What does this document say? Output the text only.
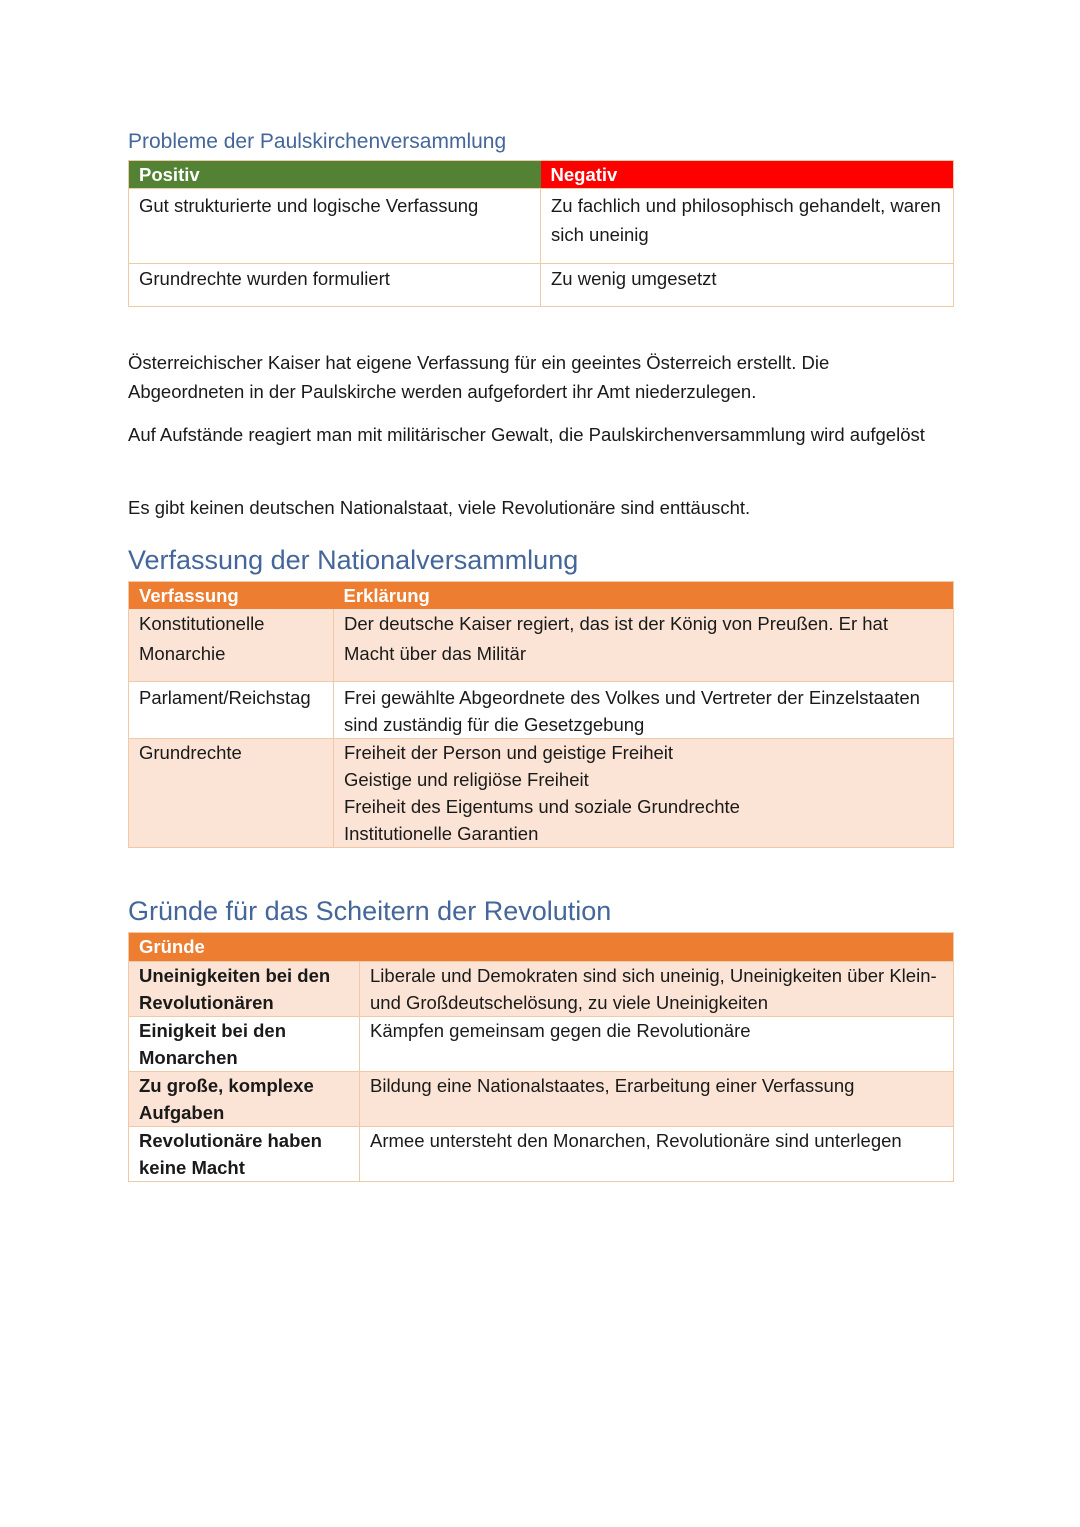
Probleme der Paulskirchenversammlung
Positiv	Negativ
Gut strukturierte und logische Verfassung	Zu fachlich und philosophisch gehandelt, waren sich uneinig
Grundrechte wurden formuliert	Zu wenig umgesetzt

Österreichischer Kaiser hat eigene Verfassung für ein geeintes Österreich erstellt. Die Abgeordneten in der Paulskirche werden aufgefordert ihr Amt niederzulegen.

Auf Aufstände reagiert man mit militärischer Gewalt, die Paulskirchenversammlung wird aufgelöst

Es gibt keinen deutschen Nationalstaat, viele Revolutionäre sind enttäuscht.

Verfassung der Nationalversammlung
Verfassung	Erklärung
Konstitutionelle Monarchie	Der deutsche Kaiser regiert, das ist der König von Preußen. Er hat Macht über das Militär
Parlament/Reichstag	Frei gewählte Abgeordnete des Volkes und Vertreter der Einzelstaaten sind zuständig für die Gesetzgebung
Grundrechte	Freiheit der Person und geistige Freiheit
Geistige und religiöse Freiheit
Freiheit des Eigentums und soziale Grundrechte
Institutionelle Garantien
Gründe für das Scheitern der Revolution
Gründe	
Uneinigkeiten bei den Revolutionären	Liberale und Demokraten sind sich uneinig, Uneinigkeiten über Klein- und Großdeutschelösung, zu viele Uneinigkeiten
Einigkeit bei den Monarchen	Kämpfen gemeinsam gegen die Revolutionäre
Zu große, komplexe Aufgaben	Bildung eine Nationalstaates, Erarbeitung einer Verfassung
Revolutionäre haben keine Macht	Armee untersteht den Monarchen, Revolutionäre sind unterlegen
